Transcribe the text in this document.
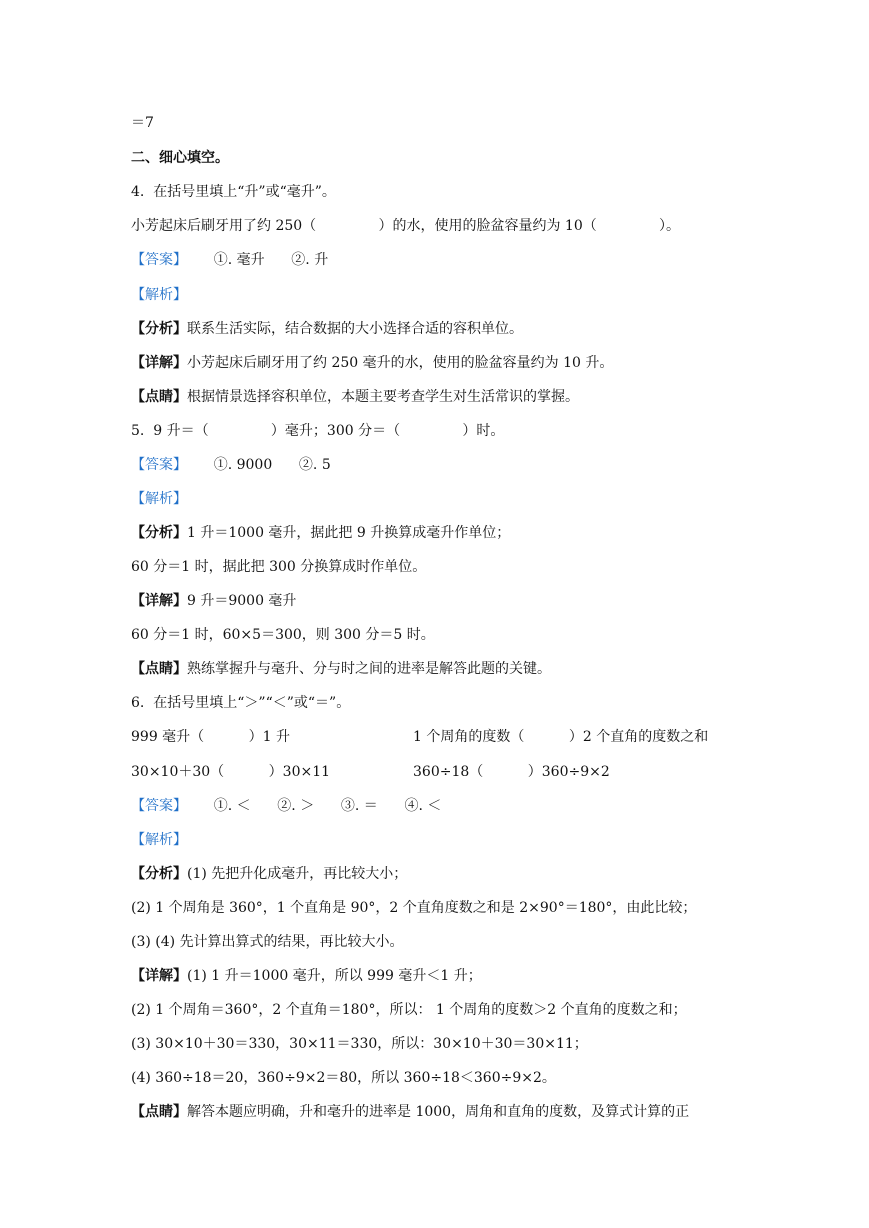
＝7
二、细心填空。
4.  在括号里填上“升”或“毫升”。
小芳起床后刷牙用了约 250（              ）的水，使用的脸盆容量约为 10（              ）。
【答案】      ①. 毫升      ②. 升
【解析】
【分析】联系生活实际，结合数据的大小选择合适的容积单位。
【详解】小芳起床后刷牙用了约 250 毫升的水，使用的脸盆容量约为 10 升。
【点睛】根据情景选择容积单位，本题主要考查学生对生活常识的掌握。
5.  9 升＝（              ）毫升；300 分＝（              ）时。
【答案】      ①. 9000      ②. 5
【解析】
【分析】1 升＝1000 毫升，据此把 9 升换算成毫升作单位；
60 分＝1 时，据此把 300 分换算成时作单位。
【详解】9 升＝9000 毫升
60 分＝1 时，60×5＝300，则 300 分＝5 时。
【点睛】熟练掌握升与毫升、分与时之间的进率是解答此题的关键。
6.  在括号里填上“＞”“＜”或“＝”。
999 毫升（          ）1 升	1 个周角的度数（          ）2 个直角的度数之和
30×10＋30（          ）30×11	360÷18（          ）360÷9×2
【答案】      ①. ＜      ②. ＞      ③. ＝      ④. ＜
【解析】
【分析】(1) 先把升化成毫升，再比较大小；
(2) 1 个周角是 360°，1 个直角是 90°，2 个直角度数之和是 2×90°＝180°，由此比较；
(3) (4) 先计算出算式的结果，再比较大小。
【详解】(1) 1 升＝1000 毫升，所以 999 毫升＜1 升；
(2) 1 个周角＝360°，2 个直角＝180°，所以： 1 个周角的度数＞2 个直角的度数之和；
(3) 30×10＋30＝330，30×11＝330，所以：30×10＋30＝30×11；
(4) 360÷18＝20，360÷9×2＝80，所以 360÷18＜360÷9×2。
【点睛】解答本题应明确，升和毫升的进率是 1000，周角和直角的度数，及算式计算的正
